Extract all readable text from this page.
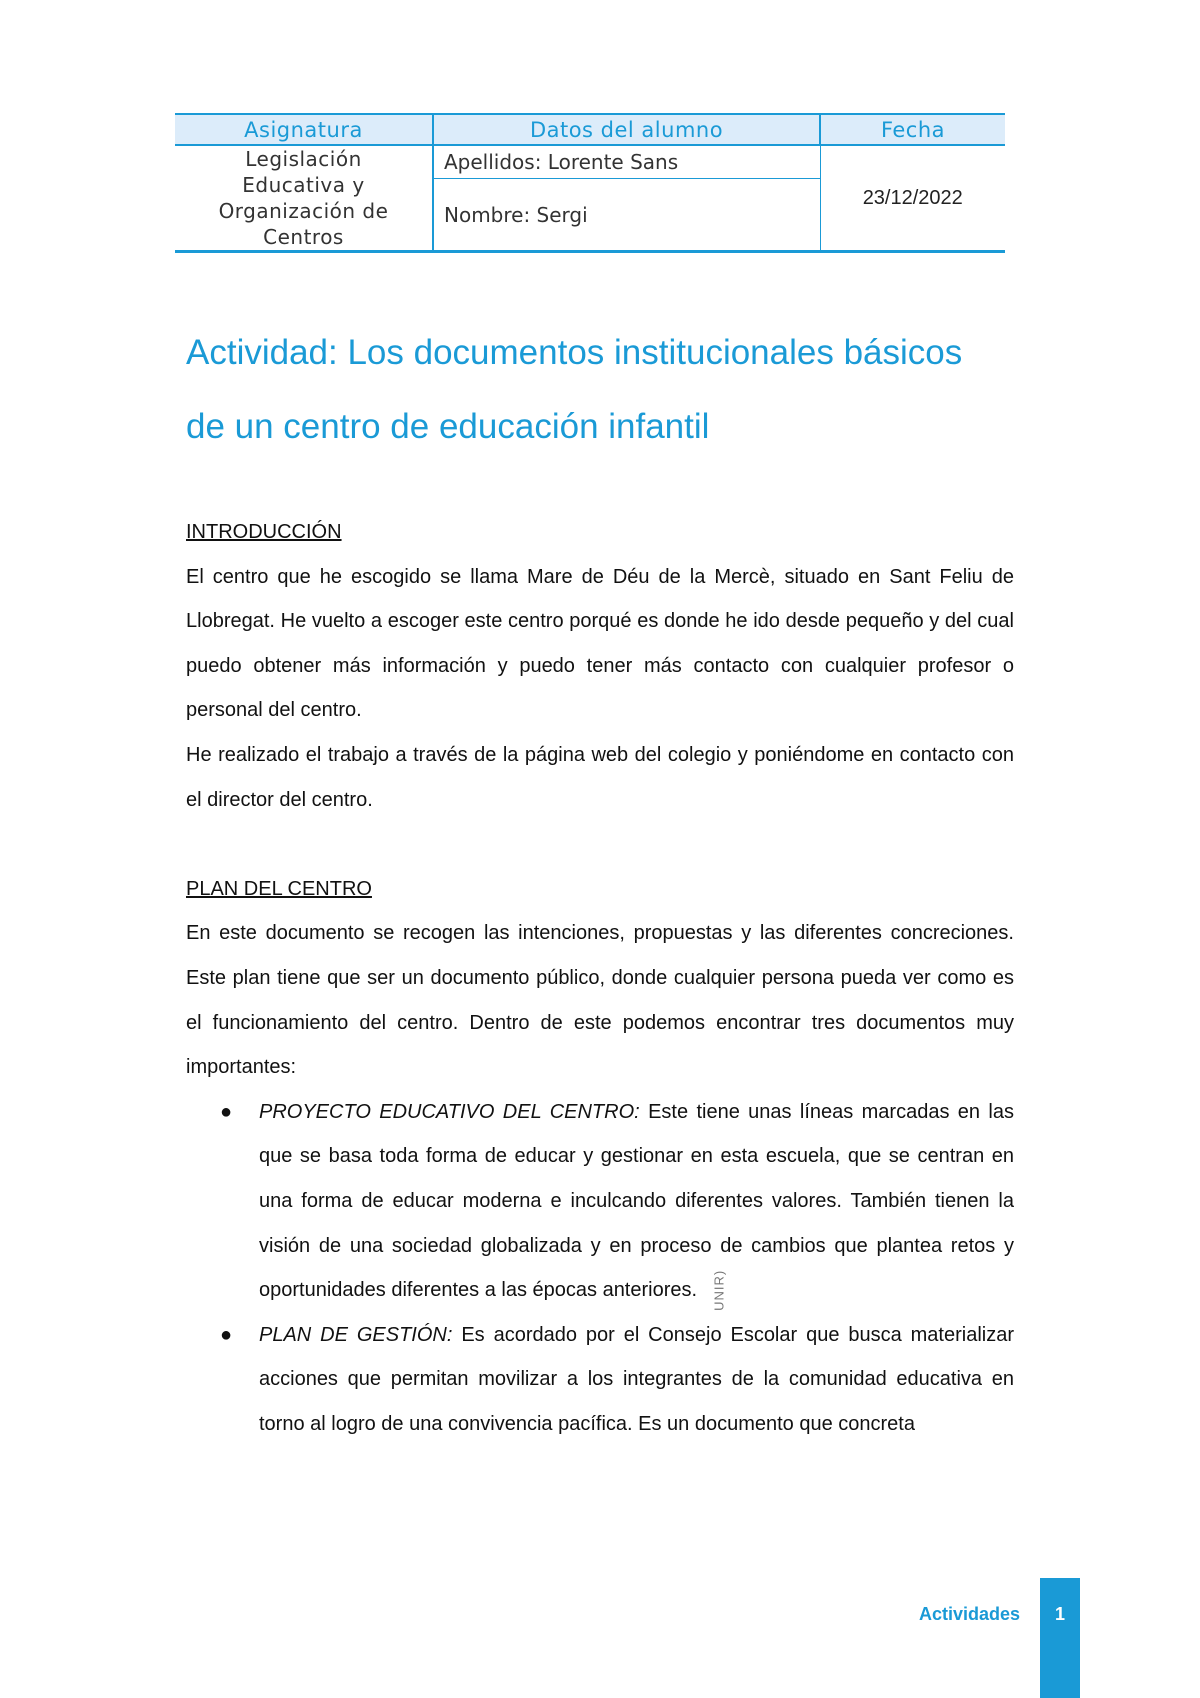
Asignatura	Datos del alumno	Fecha

Legislación
Educativa y
Organización de
Centros	Apellidos: Lorente Sans	23/12/2022
	Nombre: Sergi	
Actividad: Los documentos institucionales básicos
de un centro de educación infantil

INTRODUCCIÓN

El centro que he escogido se llama Mare de Déu de la Mercè, situado en Sant Feliu de Llobregat. He vuelto a escoger este centro porqué es donde he ido desde pequeño y del cual puedo obtener más información y puedo tener más contacto con cualquier profesor o personal del centro.

He realizado el trabajo a través de la página web del colegio y poniéndome en contacto con el director del centro.

PLAN DEL CENTRO

En este documento se recogen las intenciones, propuestas y las diferentes concreciones. Este plan tiene que ser un documento público, donde cualquier persona pueda ver como es el funcionamiento del centro. Dentro de este podemos encontrar tres documentos muy importantes:

● PROYECTO EDUCATIVO DEL CENTRO: Este tiene unas líneas marcadas en las que se basa toda forma de educar y gestionar en esta escuela, que se centran en una forma de educar moderna e inculcando diferentes valores. También tienen la visión de una sociedad globalizada y en proceso de cambios que plantea retos y oportunidades diferentes a las épocas anteriores. UNIR)
● PLAN DE GESTIÓN: Es acordado por el Consejo Escolar que busca materializar acciones que permitan movilizar a los integrantes de la comunidad educativa en torno al logro de una convivencia pacífica. Es un documento que concreta
Actividades	1
